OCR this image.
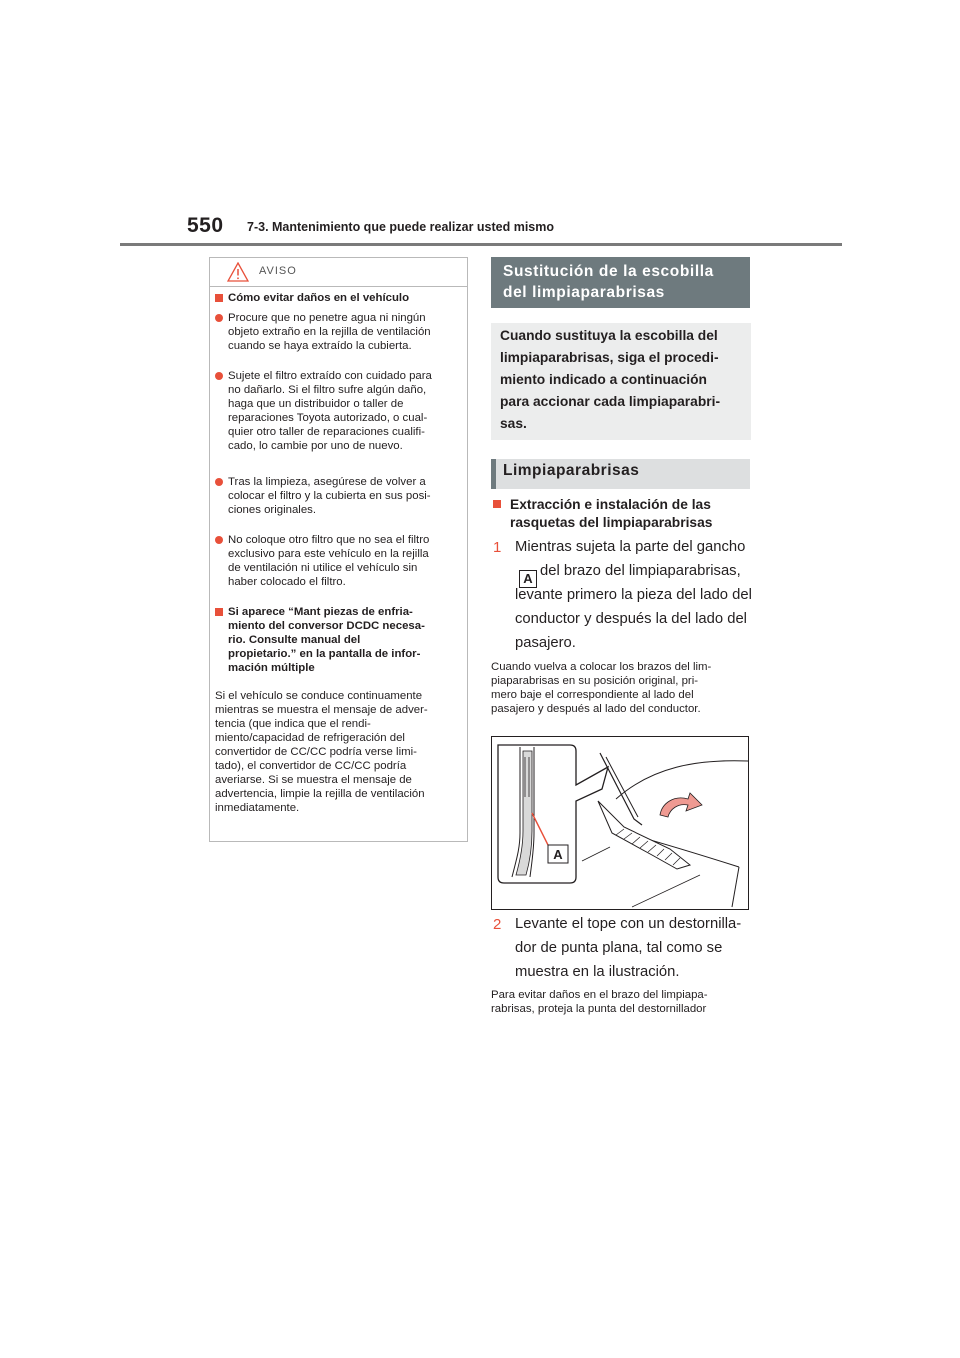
550 7-3. Mantenimiento que puede realizar usted mismo
AVISO
Cómo evitar daños en el vehículo
Procure que no penetre agua ni ningún
objeto extraño en la rejilla de ventilación
cuando se haya extraído la cubierta.
Sujete el filtro extraído con cuidado para
no dañarlo. Si el filtro sufre algún daño,
haga que un distribuidor o taller de
reparaciones Toyota autorizado, o cual-
quier otro taller de reparaciones cualifi-
cado, lo cambie por uno de nuevo.
Tras la limpieza, asegúrese de volver a
colocar el filtro y la cubierta en sus posi-
ciones originales.
No coloque otro filtro que no sea el filtro
exclusivo para este vehículo en la rejilla
de ventilación ni utilice el vehículo sin
haber colocado el filtro.
Si aparece “Mant piezas de enfria-
miento del conversor DCDC necesa-
rio. Consulte manual del
propietario.” en la pantalla de infor-
mación múltiple
Si el vehículo se conduce continuamente
mientras se muestra el mensaje de adver-
tencia (que indica que el rendi-
miento/capacidad de refrigeración del
convertidor de CC/CC podría verse limi-
tado), el convertidor de CC/CC podría
averiarse. Si se muestra el mensaje de
advertencia, limpie la rejilla de ventilación
inmediatamente.
Sustitución de la escobilla
del limpiaparabrisas
Cuando sustituya la escobilla del
limpiaparabrisas, siga el procedi-
miento indicado a continuación
para accionar cada limpiaparabri-
sas.
Limpiaparabrisas
Extracción e instalación de las
rasquetas del limpiaparabrisas
1 Mientras sujeta la parte del gancho
del brazo del limpiaparabrisas,
levante primero la pieza del lado del
conductor y después la del lado del
pasajero.
A
Cuando vuelva a colocar los brazos del lim-
piaparabrisas en su posición original, pri-
mero baje el correspondiente al lado del
pasajero y después al lado del conductor.
A
2 Levante el tope con un destornilla-
dor de punta plana, tal como se
muestra en la ilustración.
Para evitar daños en el brazo del limpiapa-
rabrisas, proteja la punta del destornillador
